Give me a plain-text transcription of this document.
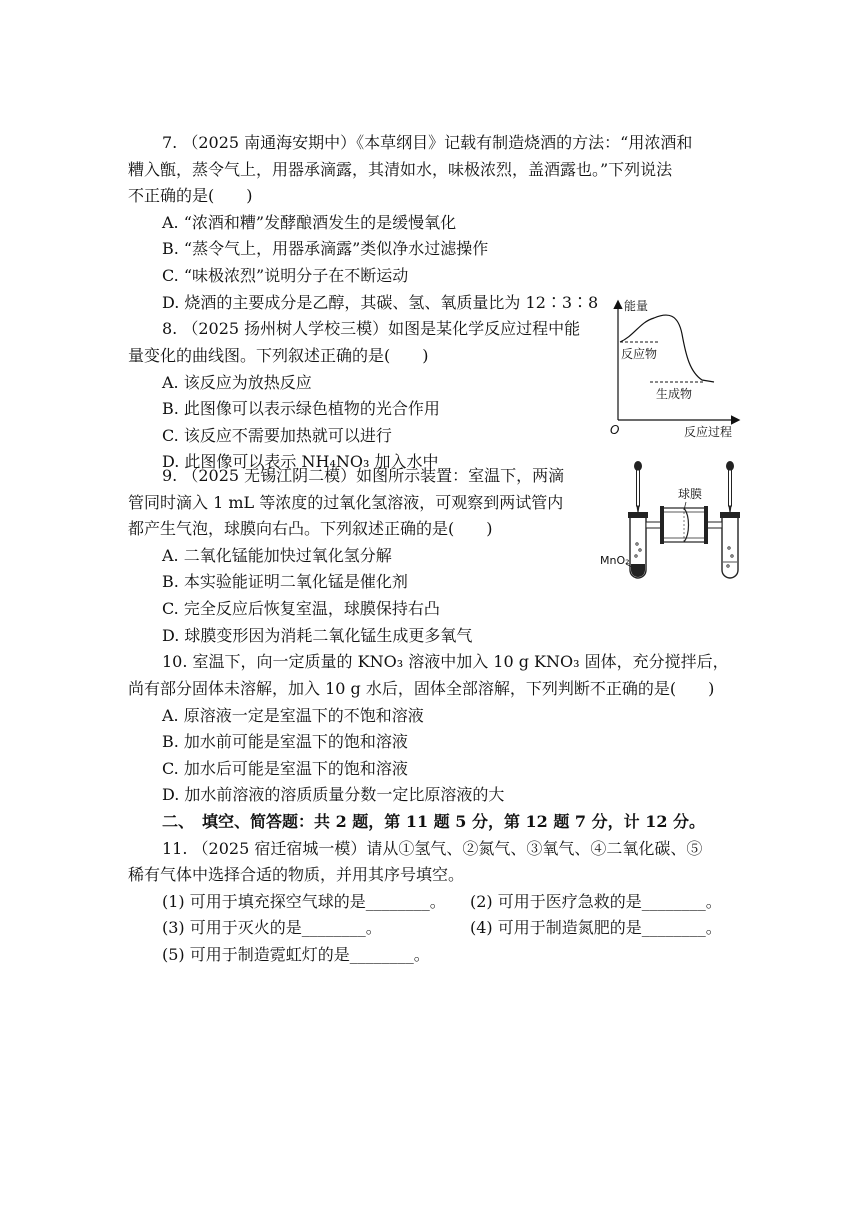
7. （2025 南通海安期中）《本草纲目》记载有制造烧酒的方法：“用浓酒和
糟入甑，蒸令气上，用器承滴露，其清如水，味极浓烈，盖酒露也。”下列说法
不正确的是(　　)
A. “浓酒和糟”发酵酿酒发生的是缓慢氧化
B. “蒸令气上，用器承滴露”类似净水过滤操作
C. “味极浓烈”说明分子在不断运动
D. 烧酒的主要成分是乙醇，其碳、氢、氧质量比为 12∶3∶8
8. （2025 扬州树人学校三模）如图是某化学反应过程中能
量变化的曲线图。下列叙述正确的是(　　)
A. 该反应为放热反应
B. 此图像可以表示绿色植物的光合作用
C. 该反应不需要加热就可以进行
D. 此图像可以表示 NH₄NO₃ 加入水中
能量
反应物
生成物
O	反应过程
9. （2025 无锡江阴二模）如图所示装置：室温下，两滴
管同时滴入 1 mL 等浓度的过氧化氢溶液，可观察到两试管内
都产生气泡，球膜向右凸。下列叙述正确的是(　　)
A. 二氧化锰能加快过氧化氢分解
B. 本实验能证明二氧化锰是催化剂
C. 完全反应后恢复室温，球膜保持右凸
D. 球膜变形因为消耗二氧化锰生成更多氧气
球膜
MnO₂
10. 室温下，向一定质量的 KNO₃ 溶液中加入 10 g KNO₃ 固体，充分搅拌后，
尚有部分固体未溶解，加入 10 g 水后，固体全部溶解，下列判断不正确的是(　　)
A. 原溶液一定是室温下的不饱和溶液
B. 加水前可能是室温下的饱和溶液
C. 加水后可能是室温下的饱和溶液
D. 加水前溶液的溶质质量分数一定比原溶液的大
二、　填空、简答题：共 2 题，第 11 题 5 分，第 12 题 7 分，计 12 分。
11. （2025 宿迁宿城一模）请从①氢气、②氮气、③氧气、④二氧化碳、⑤
稀有气体中选择合适的物质，并用其序号填空。
(1) 可用于填充探空气球的是________。 (2) 可用于医疗急救的是________。
(3) 可用于灭火的是________。	(4) 可用于制造氮肥的是________。
(5) 可用于制造霓虹灯的是________。
